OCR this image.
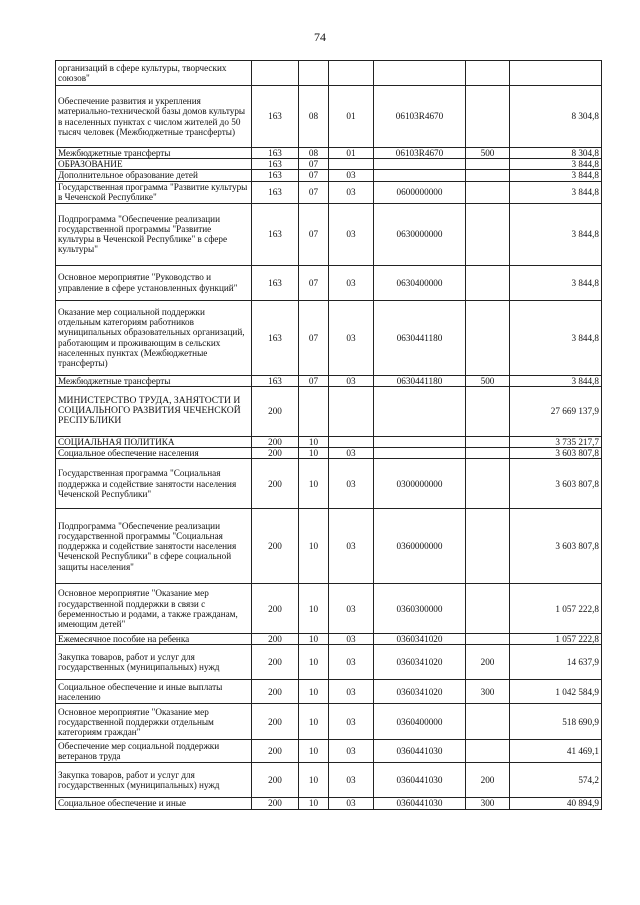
74
организаций в сфере культуры, творческих союзов"						
Обеспечение развития и укрепления материально-технической базы домов культуры в населенных пунктах с числом жителей до 50 тысяч человек (Межбюджетные трансферты)	163	08	01	06103R4670		8 304,8
Межбюджетные трансферты	163	08	01	06103R4670	500	8 304,8
ОБРАЗОВАНИЕ	163	07				3 844,8
Дополнительное образование детей	163	07	03			3 844,8
Государственная программа "Развитие культуры в Чеченской Республике"	163	07	03	0600000000		3 844,8
Подпрограмма "Обеспечение реализации государственной программы "Развитие культуры в Чеченской Республике" в сфере культуры"	163	07	03	0630000000		3 844,8
Основное мероприятие "Руководство и управление в сфере установленных функций"	163	07	03	0630400000		3 844,8
Оказание мер социальной поддержки отдельным категориям работников муниципальных образовательных организаций, работающим и проживающим в сельских населенных пунктах (Межбюджетные трансферты)	163	07	03	0630441180		3 844,8
Межбюджетные трансферты	163	07	03	0630441180	500	3 844,8
МИНИСТЕРСТВО ТРУДА, ЗАНЯТОСТИ И СОЦИАЛЬНОГО РАЗВИТИЯ ЧЕЧЕНСКОЙ РЕСПУБЛИКИ	200					27 669 137,9
СОЦИАЛЬНАЯ ПОЛИТИКА	200	10				3 735 217,7
Социальное обеспечение населения	200	10	03			3 603 807,8
Государственная программа "Социальная поддержка и содействие занятости населения Чеченской Республики"	200	10	03	0300000000		3 603 807,8
Подпрограмма "Обеспечение реализации государственной программы "Социальная поддержка и содействие занятости населения Чеченской Республики" в сфере социальной защиты населения"	200	10	03	0360000000		3 603 807,8
Основное мероприятие "Оказание мер государственной поддержки в связи с беременностью и родами, а также гражданам, имеющим детей"	200	10	03	0360300000		1 057 222,8
Ежемесячное пособие на ребенка	200	10	03	0360341020		1 057 222,8
Закупка товаров, работ и услуг для государственных (муниципальных) нужд	200	10	03	0360341020	200	14 637,9
Социальное обеспечение и иные выплаты населению	200	10	03	0360341020	300	1 042 584,9
Основное мероприятие "Оказание мер государственной поддержки отдельным категориям граждан"	200	10	03	0360400000		518 690,9
Обеспечение мер социальной поддержки ветеранов труда	200	10	03	0360441030		41 469,1
Закупка товаров, работ и услуг для государственных (муниципальных) нужд	200	10	03	0360441030	200	574,2
Социальное обеспечение и иные	200	10	03	0360441030	300	40 894,9
